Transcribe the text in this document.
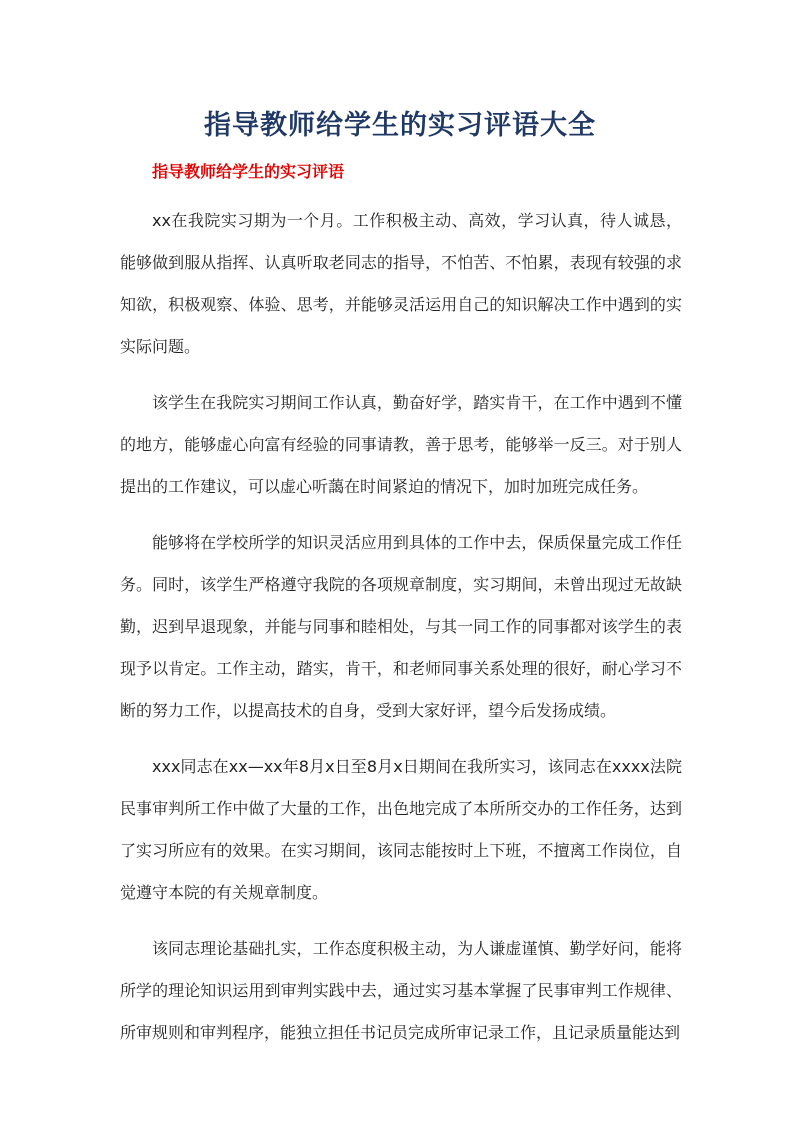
指导教师给学生的实习评语大全
指导教师给学生的实习评语

xx在我院实习期为一个月。工作积极主动、高效，学习认真，待人诚恳，能够做到服从指挥、认真听取老同志的指导，不怕苦、不怕累，表现有较强的求知欲，积极观察、体验、思考，并能够灵活运用自己的知识解决工作中遇到的实实际问题。

该学生在我院实习期间工作认真，勤奋好学，踏实肯干，在工作中遇到不懂的地方，能够虚心向富有经验的同事请教，善于思考，能够举一反三。对于别人提出的工作建议，可以虚心听藹在时间紧迫的情况下，加时加班完成任务。

能够将在学校所学的知识灵活应用到具体的工作中去，保质保量完成工作任务。同时，该学生严格遵守我院的各项规章制度，实习期间，未曾出现过无故缺勤，迟到早退现象，并能与同事和睦相处，与其一同工作的同事都对该学生的表现予以肯定。工作主动，踏实，肯干，和老师同事关系处理的很好，耐心学习不断的努力工作，以提高技术的自身，受到大家好评，望今后发扬成绩。

xxx同志在xx—xx年8月x日至8月x日期间在我所实习，该同志在xxxx法院民事审判所工作中做了大量的工作，出色地完成了本所所交办的工作任务，达到了实习所应有的效果。在实习期间，该同志能按时上下班，不擅离工作岗位，自觉遵守本院的有关规章制度。

该同志理论基础扎实，工作态度积极主动，为人谦虚谨慎、勤学好问，能将所学的理论知识运用到审判实践中去，通过实习基本掌握了民事审判工作规律、所审规则和审判程序，能独立担任书记员完成所审记录工作，且记录质量能达到
